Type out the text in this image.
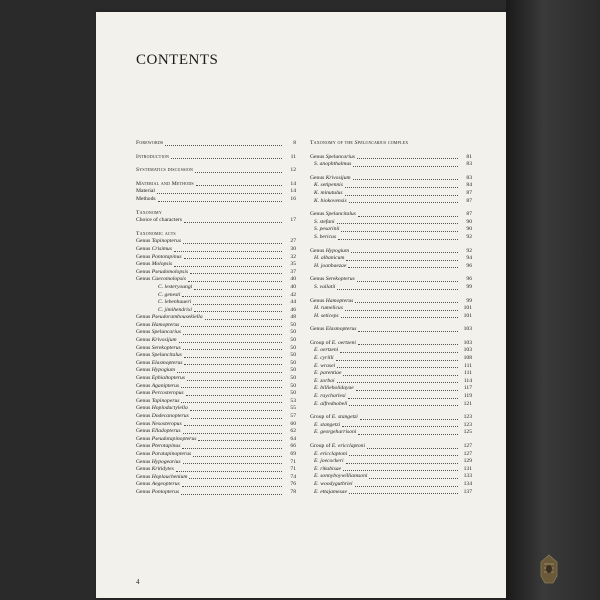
CONTENTS
Forewords	8
Introduction	11
Systematics discussion	12
Material and Methods	14
Material	14
Methods	16
Taxonomy
Choice of characters	17
Taxonomic acts
Genus Tapinopterus	27
Genus Crisimus	30
Genus Pontotapinus	32
Genus Molopsis	35
Genus Pseudomolopsis	37
Genus Caecomolopsis	40
C. lesteryoungi	40
C. genesti	42
C. lebenhaueri	44
C. jimihendrixi	46
Genus Pseudorambousekiella	48
Genus Hamopterus	50
Genus Speluncarius	50
Genus Krivosijum	50
Genus Serekopterus	50
Genus Speluncitalus	50
Genus Elasmopterus	50
Genus Hypogium	50
Genus Ephialtopterus	50
Genus Aganipterus	50
Genus Percosteropus	50
Genus Tapinoperus	53
Genus Hoplodactylella	55
Genus Dodecanopterus	57
Genus Nesosteropus	60
Genus Elladopterus	62
Genus Pseudotapinopterus	64
Genus Pterotapinus	66
Genus Paratapinopterus	69
Genus Hypogearius	71
Genus Kritidytes	71
Genus Hoplauchenium	74
Genus Aegeopterus	76
Genus Pontopterus	78
Taxonomy of the Speluncarius complex
Genus Speluncarius	81
S. anophthalmus	83
Genus Krivosijum	83
K. setipennis	84
K. minutulus	87
K. biokovensis	87
Genus Speluncitalus	87
S. stefani	90
S. pesarinii	90
S. bericus	92
Genus Hypogium	92
H. albanicum	94
H. joanbaezae	96
Genus Serekopterus	96
S. vailatii	99
Genus Hamopterus	99
H. rumelicus	101
H. seticeps	101
Genus Elasmopterus	103
Group of E. oertzeni	103
E. oertzeni	103
E. cyrilli	108
E. wrasei	111
E. parentiae	111
E. zorbai	114
E. billieholidayae	117
E. raycharlesi	119
E. alfrednobeli	121
Group of E. stangetzi	123
E. stangetzi	123
E. georgeharrisoni	125
Group of E. ericclaptoni	127
E. ericclaptoni	127
E. joecockeri	129
E. rikabisae	131
E. sonnyboywilliamsoni	133
E. woodyguthriei	134
E. ettajamesae	137
4
